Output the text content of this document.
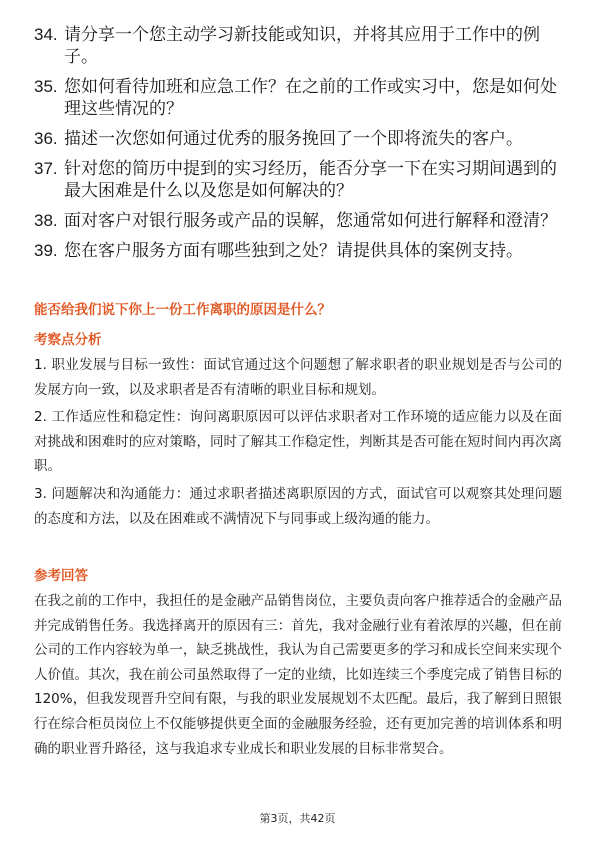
34. 请分享一个您主动学习新技能或知识，并将其应用于工作中的例子。
35. 您如何看待加班和应急工作？在之前的工作或实习中，您是如何处理这些情况的？
36. 描述一次您如何通过优秀的服务挽回了一个即将流失的客户。
37. 针对您的简历中提到的实习经历，能否分享一下在实习期间遇到的最大困难是什么以及您是如何解决的？
38. 面对客户对银行服务或产品的误解，您通常如何进行解释和澄清？
39. 您在客户服务方面有哪些独到之处？请提供具体的案例支持。
能否给我们说下你上一份工作离职的原因是什么？
考察点分析
1. 职业发展与目标一致性：面试官通过这个问题想了解求职者的职业规划是否与公司的发展方向一致，以及求职者是否有清晰的职业目标和规划。
2. 工作适应性和稳定性：询问离职原因可以评估求职者对工作环境的适应能力以及在面对挑战和困难时的应对策略，同时了解其工作稳定性，判断其是否可能在短时间内再次离职。
3. 问题解决和沟通能力：通过求职者描述离职原因的方式，面试官可以观察其处理问题的态度和方法，以及在困难或不满情况下与同事或上级沟通的能力。
参考回答
在我之前的工作中，我担任的是金融产品销售岗位，主要负责向客户推荐适合的金融产品并完成销售任务。我选择离开的原因有三：首先，我对金融行业有着浓厚的兴趣，但在前公司的工作内容较为单一，缺乏挑战性，我认为自己需要更多的学习和成长空间来实现个人价值。其次，我在前公司虽然取得了一定的业绩，比如连续三个季度完成了销售目标的120%，但我发现晋升空间有限，与我的职业发展规划不太匹配。最后，我了解到日照银行在综合柜员岗位上不仅能够提供更全面的金融服务经验，还有更加完善的培训体系和明确的职业晋升路径，这与我追求专业成长和职业发展的目标非常契合。
第3页，共42页
